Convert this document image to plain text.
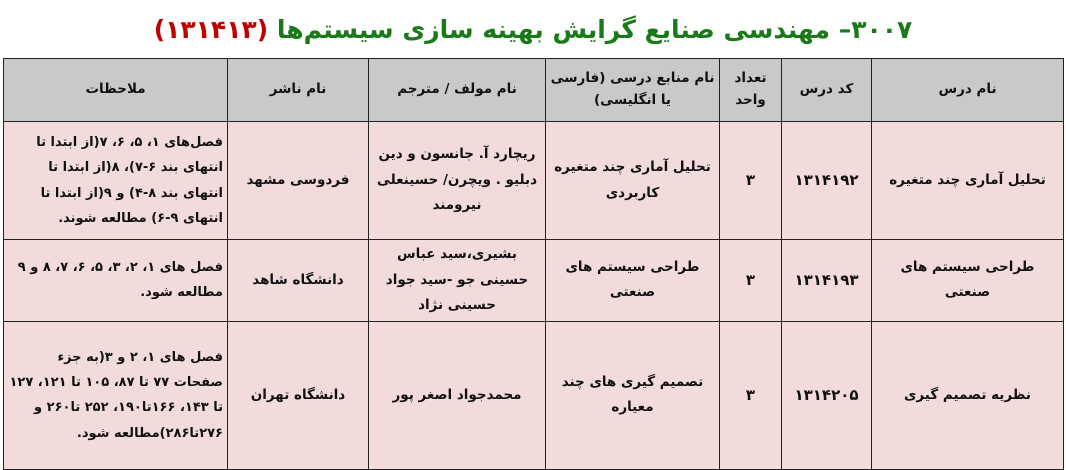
۳۰۰۷– مهندسی صنایع گرایش بهینه سازی سیستم‌ها (۱۳۱۴۱۳)
نام درس	کد درس	تعداد واحد	نام منابع درسی (فارسی یا انگلیسی)	نام مولف / مترجم	نام ناشر	ملاحظات
تحلیل آماری چند متغیره	۱۳۱۴۱۹۲	۳	تحلیل آماری چند متغیره کاربردی	ریچارد آ. جانسون و دین دبلیو . ویچرن/ حسینعلی نیرومند	فردوسی مشهد	فصل‌های ۱، ۵، ۶، ۷(از ابتدا تا انتهای بند ۶-۷)، ۸(از ابتدا تا انتهای بند ۸-۴) و ۹(از ابتدا تا انتهای ۹-۶) مطالعه شوند.
طراحی سیستم های صنعتی	۱۳۱۴۱۹۳	۳	طراحی سیستم های صنعتی	بشیری،سید عباس حسینی جو -سید جواد حسینی نژاد	دانشگاه شاهد	فصل های ۱، ۲، ۳، ۵، ۶، ۷، ۸ و ۹ مطالعه شود.
نظریه تصمیم گیری	۱۳۱۴۲۰۵	۳	تصمیم گیری های چند معیاره	محمدجواد اصغر پور	دانشگاه تهران	فصل های ۱، ۲ و ۳(به جزء صفحات ۷۷ تا ۸۷، ۱۰۵ تا ۱۲۱، ۱۲۷ تا ۱۴۳، ۱۶۶تا۱۹۰، ۲۵۲ تا۲۶۰ و ۲۷۶تا۲۸۶)مطالعه شود.
